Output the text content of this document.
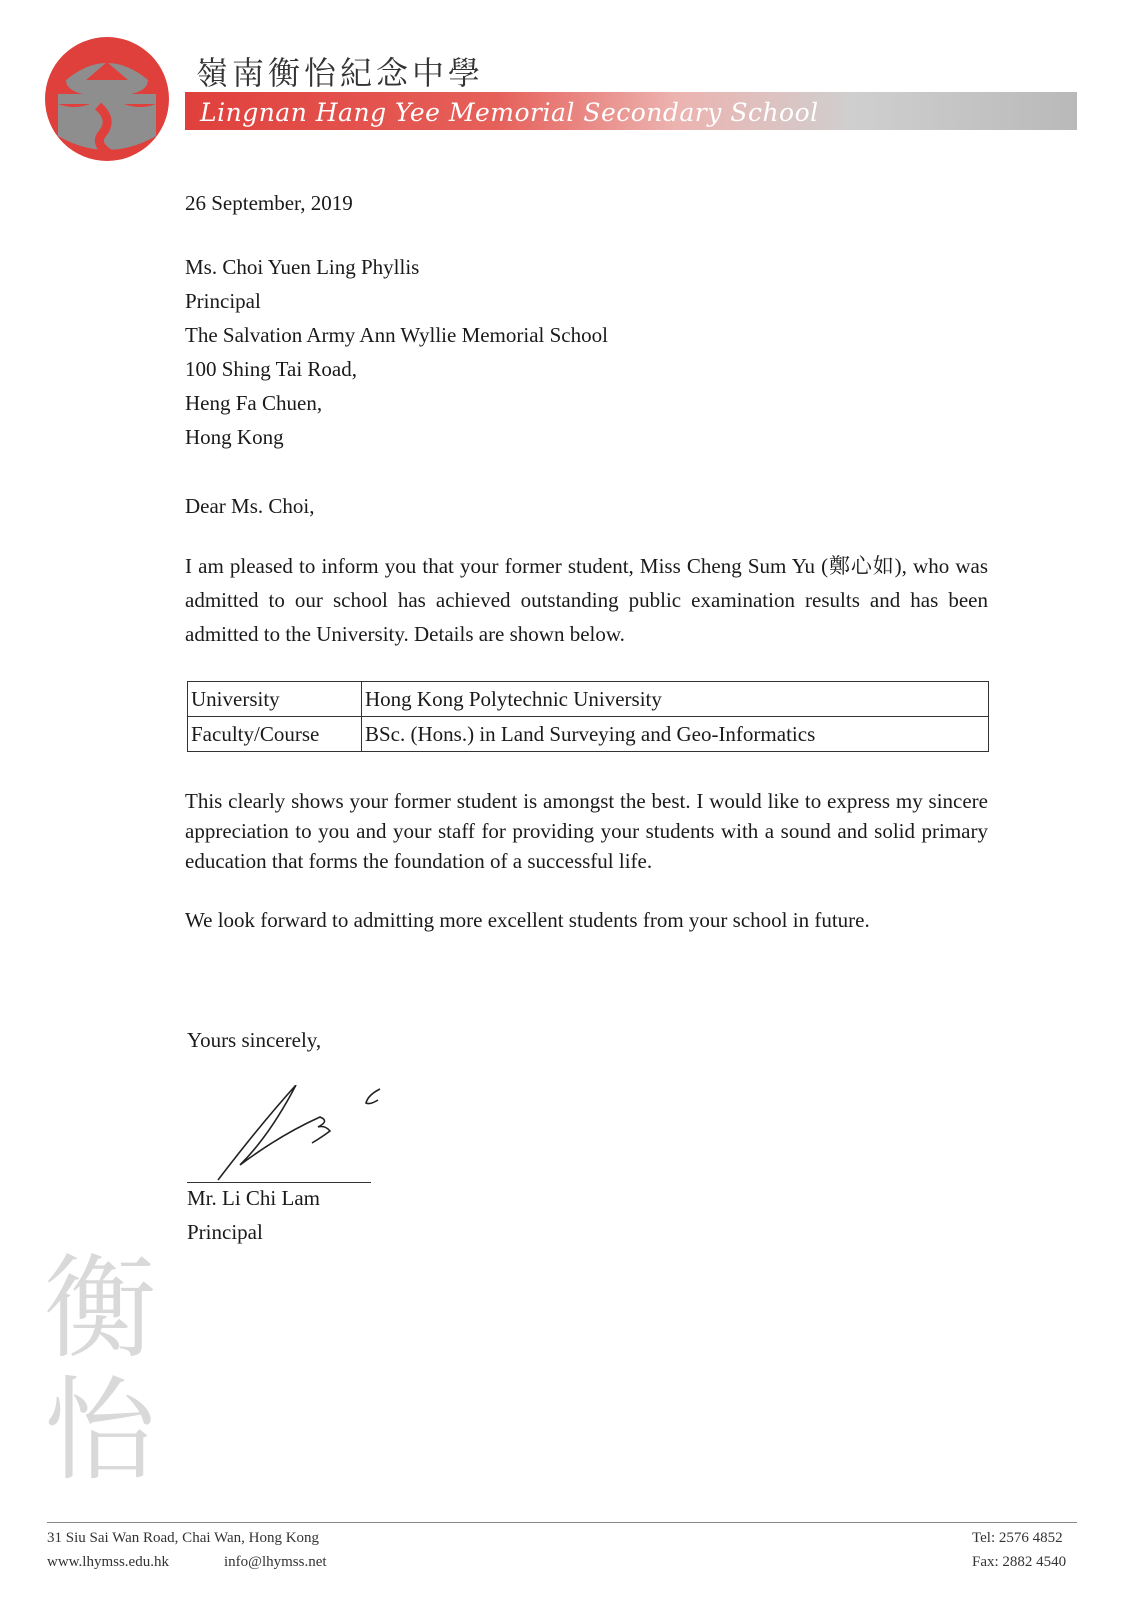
嶺南衡怡紀念中學
Lingnan Hang Yee Memorial Secondary School
26 September, 2019
Ms. Choi Yuen Ling Phyllis
Principal
The Salvation Army Ann Wyllie Memorial School
100 Shing Tai Road,
Heng Fa Chuen,
Hong Kong
Dear Ms. Choi,
I am pleased to inform you that your former student, Miss Cheng Sum Yu (鄭心如), who was admitted to our school has achieved outstanding public examination results and has been admitted to the University. Details are shown below.
University	Hong Kong Polytechnic University
Faculty/Course	BSc. (Hons.) in Land Surveying and Geo-Informatics
This clearly shows your former student is amongst the best. I would like to express my sincere appreciation to you and your staff for providing your students with a sound and solid primary education that forms the foundation of a successful life.
We look forward to admitting more excellent students from your school in future.
Yours sincerely,
Mr. Li Chi Lam
Principal
衡
怡
31 Siu Sai Wan Road, Chai Wan, Hong Kong
www.lhymss.edu.hk	info@lhymss.net
Tel: 2576 4852
Fax: 2882 4540
